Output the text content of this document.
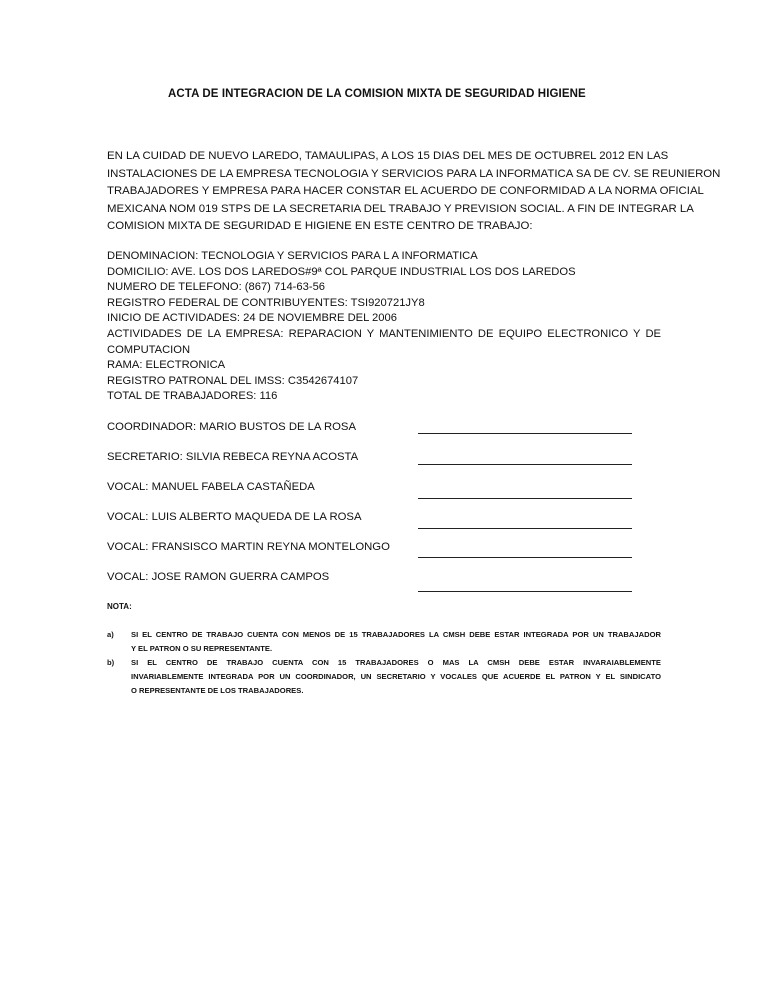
ACTA DE INTEGRACION DE LA COMISION MIXTA DE SEGURIDAD HIGIENE
EN LA CUIDAD DE NUEVO LAREDO, TAMAULIPAS, A LOS 15 DIAS DEL MES DE OCTUBREL 2012 EN LAS
INSTALACIONES DE LA EMPRESA TECNOLOGIA Y SERVICIOS PARA LA INFORMATICA SA DE CV. SE REUNIERON
TRABAJADORES Y EMPRESA PARA HACER CONSTAR EL ACUERDO DE CONFORMIDAD A LA NORMA OFICIAL
MEXICANA NOM 019 STPS DE LA SECRETARIA DEL TRABAJO Y PREVISION SOCIAL. A FIN DE INTEGRAR LA
COMISION MIXTA DE SEGURIDAD E HIGIENE EN ESTE CENTRO DE TRABAJO:
DENOMINACION: TECNOLOGIA Y SERVICIOS PARA L A INFORMATICA
DOMICILIO: AVE. LOS DOS LAREDOS#9ª COL PARQUE INDUSTRIAL LOS DOS LAREDOS
NUMERO DE TELEFONO: (867) 714-63-56
REGISTRO FEDERAL DE CONTRIBUYENTES: TSI920721JY8
INICIO DE ACTIVIDADES: 24 DE NOVIEMBRE DEL 2006
ACTIVIDADES DE LA EMPRESA: REPARACION Y MANTENIMIENTO DE EQUIPO ELECTRONICO Y DE
COMPUTACION
RAMA: ELECTRONICA
REGISTRO PATRONAL DEL IMSS: C3542674107
TOTAL DE TRABAJADORES: 116
COORDINADOR: MARIO BUSTOS DE LA ROSA
SECRETARIO: SILVIA REBECA REYNA ACOSTA
VOCAL: MANUEL FABELA CASTAÑEDA
VOCAL: LUIS ALBERTO MAQUEDA DE LA ROSA
VOCAL: FRANSISCO MARTIN REYNA MONTELONGO
VOCAL: JOSE RAMON GUERRA CAMPOS
NOTA:
a) SI EL CENTRO DE TRABAJO CUENTA CON MENOS DE 15 TRABAJADORES LA CMSH DEBE ESTAR INTEGRADA POR UN TRABAJADOR
Y EL PATRON O SU REPRESENTANTE.
b) SI EL CENTRO DE TRABAJO CUENTA CON 15 TRABAJADORES O MAS LA CMSH DEBE ESTAR INVARAIABLEMENTE
INVARIABLEMENTE INTEGRADA POR UN COORDINADOR, UN SECRETARIO Y VOCALES QUE ACUERDE EL PATRON Y EL SINDICATO
O REPRESENTANTE DE LOS TRABAJADORES.
